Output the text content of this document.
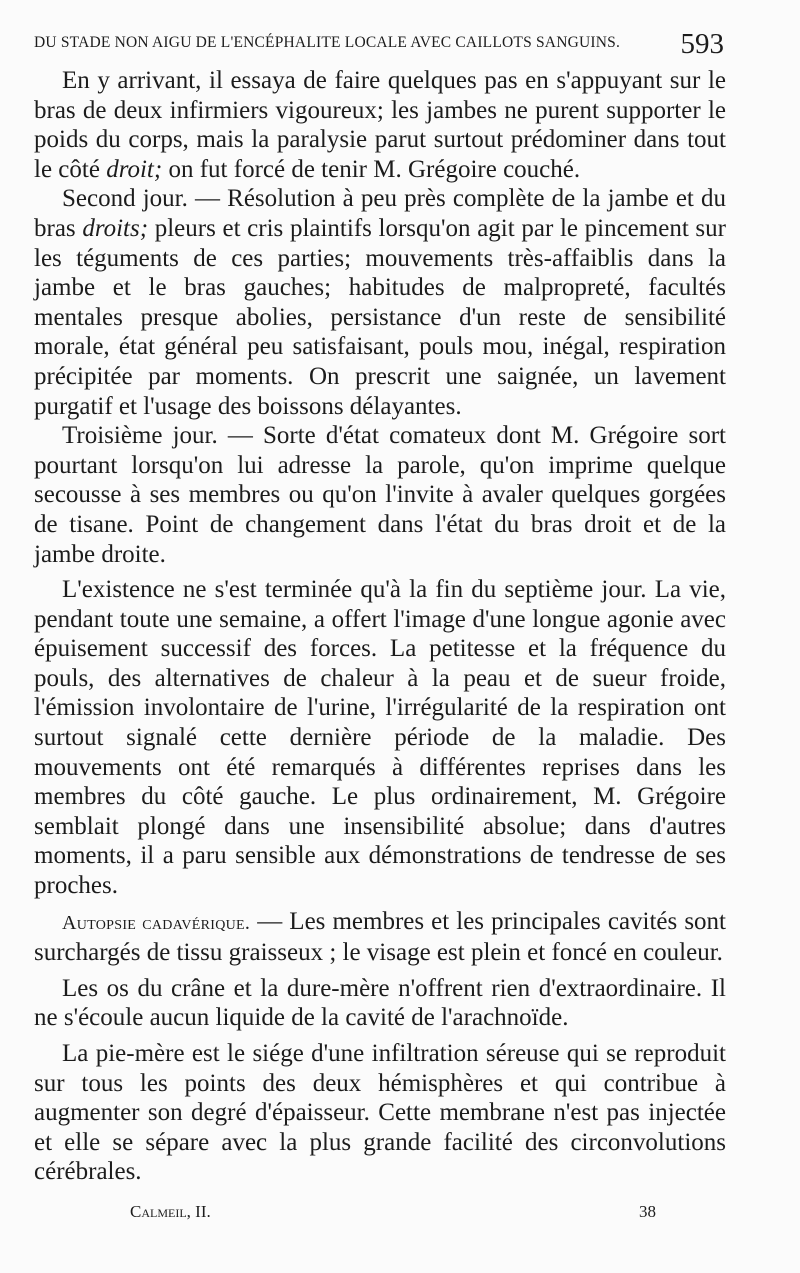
DU STADE NON AIGU DE L'ENCÉPHALITE LOCALE AVEC CAILLOTS SANGUINS. 593

En y arrivant, il essaya de faire quelques pas en s'appuyant sur le bras de deux infirmiers vigoureux; les jambes ne purent supporter le poids du corps, mais la paralysie parut surtout prédominer dans tout le côté droit; on fut forcé de tenir M. Grégoire couché.

Second jour. — Résolution à peu près complète de la jambe et du bras droits; pleurs et cris plaintifs lorsqu'on agit par le pincement sur les téguments de ces parties; mouvements très-affaiblis dans la jambe et le bras gauches; habitudes de malpropreté, facultés mentales presque abolies, persistance d'un reste de sensibilité morale, état général peu satisfaisant, pouls mou, inégal, respiration précipitée par moments. On prescrit une saignée, un lavement purgatif et l'usage des boissons délayantes.

Troisième jour. — Sorte d'état comateux dont M. Grégoire sort pourtant lorsqu'on lui adresse la parole, qu'on imprime quelque secousse à ses membres ou qu'on l'invite à avaler quelques gorgées de tisane. Point de changement dans l'état du bras droit et de la jambe droite.

L'existence ne s'est terminée qu'à la fin du septième jour. La vie, pendant toute une semaine, a offert l'image d'une longue agonie avec épuisement successif des forces. La petitesse et la fréquence du pouls, des alternatives de chaleur à la peau et de sueur froide, l'émission involontaire de l'urine, l'irrégularité de la respiration ont surtout signalé cette dernière période de la maladie. Des mouvements ont été remarqués à différentes reprises dans les membres du côté gauche. Le plus ordinairement, M. Grégoire semblait plongé dans une insensibilité absolue; dans d'autres moments, il a paru sensible aux démonstrations de tendresse de ses proches.

Autopsie cadavérique. — Les membres et les principales cavités sont surchargés de tissu graisseux ; le visage est plein et foncé en couleur.

Les os du crâne et la dure-mère n'offrent rien d'extraordinaire. Il ne s'écoule aucun liquide de la cavité de l'arachnoïde.

La pie-mère est le siége d'une infiltration séreuse qui se reproduit sur tous les points des deux hémisphères et qui contribue à augmenter son degré d'épaisseur. Cette membrane n'est pas injectée et elle se sépare avec la plus grande facilité des circonvolutions cérébrales.

Calmeil, II.	38
